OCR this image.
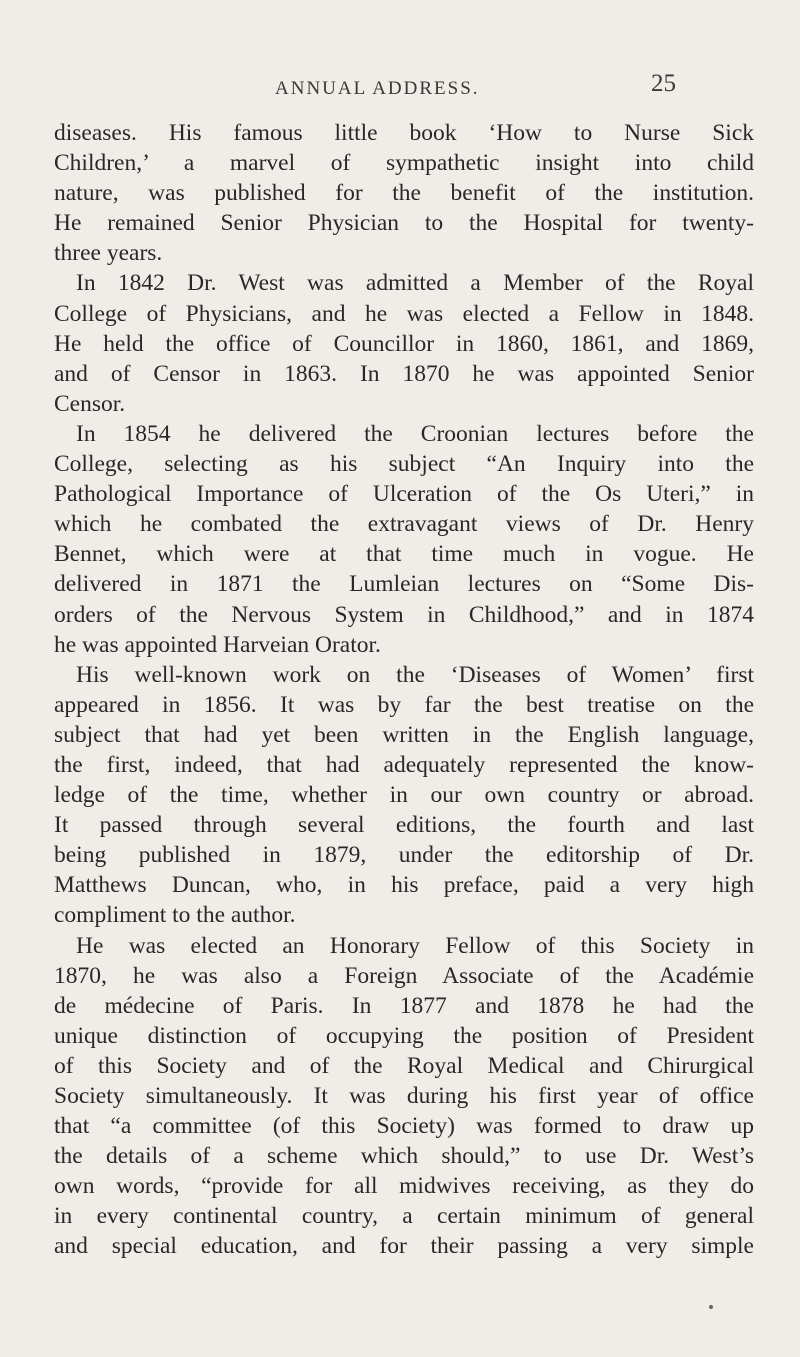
ANNUAL ADDRESS.	25
diseases. His famous little book ‘How to Nurse Sick
Children,’ a marvel of sympathetic insight into child
nature, was published for the benefit of the institution.
He remained Senior Physician to the Hospital for twenty-
three years.
In 1842 Dr. West was admitted a Member of the Royal
College of Physicians, and he was elected a Fellow in 1848.
He held the office of Councillor in 1860, 1861, and 1869,
and of Censor in 1863. In 1870 he was appointed Senior
Censor.
In 1854 he delivered the Croonian lectures before the
College, selecting as his subject “An Inquiry into the
Pathological Importance of Ulceration of the Os Uteri,” in
which he combated the extravagant views of Dr. Henry
Bennet, which were at that time much in vogue. He
delivered in 1871 the Lumleian lectures on “Some Dis-
orders of the Nervous System in Childhood,” and in 1874
he was appointed Harveian Orator.
His well-known work on the ‘Diseases of Women’ first
appeared in 1856. It was by far the best treatise on the
subject that had yet been written in the English language,
the first, indeed, that had adequately represented the know-
ledge of the time, whether in our own country or abroad.
It passed through several editions, the fourth and last
being published in 1879, under the editorship of Dr.
Matthews Duncan, who, in his preface, paid a very high
compliment to the author.
He was elected an Honorary Fellow of this Society in
1870, he was also a Foreign Associate of the Académie
de médecine of Paris. In 1877 and 1878 he had the
unique distinction of occupying the position of President
of this Society and of the Royal Medical and Chirurgical
Society simultaneously. It was during his first year of office
that “a committee (of this Society) was formed to draw up
the details of a scheme which should,” to use Dr. West’s
own words, “provide for all midwives receiving, as they do
in every continental country, a certain minimum of general
and special education, and for their passing a very simple
